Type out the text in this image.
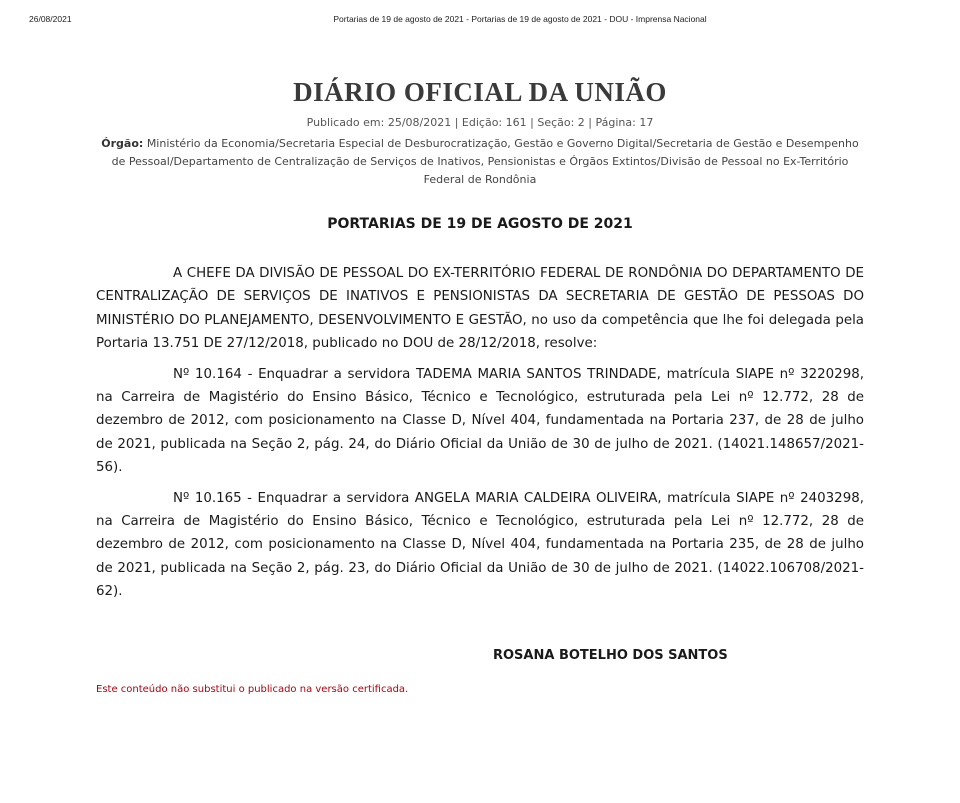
26/08/2021	Portarias de 19 de agosto de 2021 - Portarias de 19 de agosto de 2021 - DOU - Imprensa Nacional
DIÁRIO OFICIAL DA UNIÃO
Publicado em: 25/08/2021 | Edição: 161 | Seção: 2 | Página: 17
Órgão: Ministério da Economia/Secretaria Especial de Desburocratização, Gestão e Governo Digital/Secretaria de Gestão e Desempenho de Pessoal/Departamento de Centralização de Serviços de Inativos, Pensionistas e Órgãos Extintos/Divisão de Pessoal no Ex-Território Federal de Rondônia
PORTARIAS DE 19 DE AGOSTO DE 2021

A CHEFE DA DIVISÃO DE PESSOAL DO EX-TERRITÓRIO FEDERAL DE RONDÔNIA DO DEPARTAMENTO DE CENTRALIZAÇÃO DE SERVIÇOS DE INATIVOS E PENSIONISTAS DA SECRETARIA DE GESTÃO DE PESSOAS DO MINISTÉRIO DO PLANEJAMENTO, DESENVOLVIMENTO E GESTÃO, no uso da competência que lhe foi delegada pela Portaria 13.751 DE 27/12/2018, publicado no DOU de 28/12/2018, resolve:

Nº 10.164 - Enquadrar a servidora TADEMA MARIA SANTOS TRINDADE, matrícula SIAPE nº 3220298, na Carreira de Magistério do Ensino Básico, Técnico e Tecnológico, estruturada pela Lei nº 12.772, 28 de dezembro de 2012, com posicionamento na Classe D, Nível 404, fundamentada na Portaria 237, de 28 de julho de 2021, publicada na Seção 2, pág. 24, do Diário Oficial da União de 30 de julho de 2021. (14021.148657/2021-56).

Nº 10.165 - Enquadrar a servidora ANGELA MARIA CALDEIRA OLIVEIRA, matrícula SIAPE nº 2403298, na Carreira de Magistério do Ensino Básico, Técnico e Tecnológico, estruturada pela Lei nº 12.772, 28 de dezembro de 2012, com posicionamento na Classe D, Nível 404, fundamentada na Portaria 235, de 28 de julho de 2021, publicada na Seção 2, pág. 23, do Diário Oficial da União de 30 de julho de 2021. (14022.106708/2021-62).

ROSANA BOTELHO DOS SANTOS
Este conteúdo não substitui o publicado na versão certificada.
